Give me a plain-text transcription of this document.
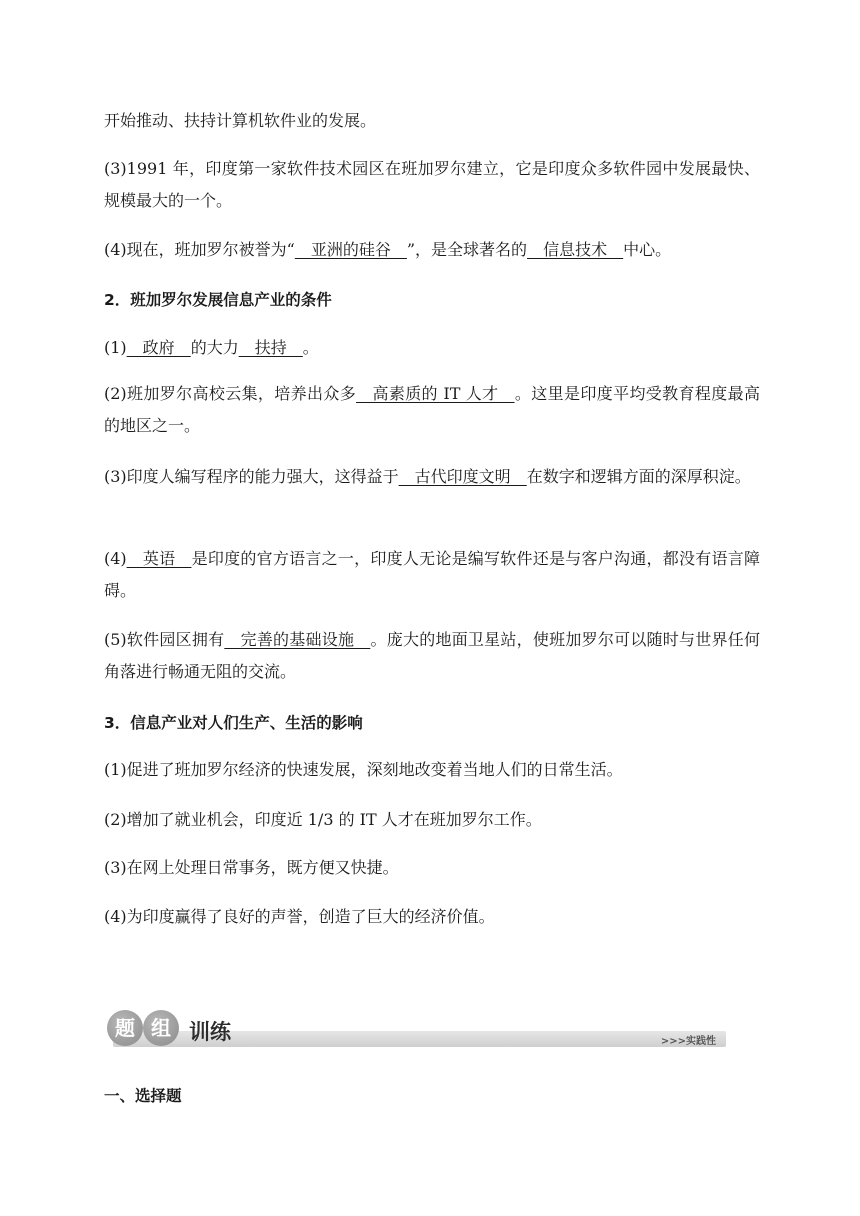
开始推动、扶持计算机软件业的发展。
(3)1991 年，印度第一家软件技术园区在班加罗尔建立，它是印度众多软件园中发展最快、规模最大的一个。
(4)现在，班加罗尔被誉为“__亚洲的硅谷__”，是全球著名的__信息技术__中心。
2．班加罗尔发展信息产业的条件
(1)__政府__的大力__扶持__。
(2)班加罗尔高校云集，培养出众多__高素质的 IT 人才__。这里是印度平均受教育程度最高的地区之一。
(3)印度人编写程序的能力强大，这得益于__古代印度文明__在数字和逻辑方面的深厚积淀。
(4)__英语__是印度的官方语言之一，印度人无论是编写软件还是与客户沟通，都没有语言障碍。
(5)软件园区拥有__完善的基础设施__。庞大的地面卫星站，使班加罗尔可以随时与世界任何角落进行畅通无阻的交流。
3．信息产业对人们生产、生活的影响
(1)促进了班加罗尔经济的快速发展，深刻地改变着当地人们的日常生活。
(2)增加了就业机会，印度近 1/3 的 IT 人才在班加罗尔工作。
(3)在网上处理日常事务，既方便又快捷。
(4)为印度赢得了良好的声誉，创造了巨大的经济价值。
题 组 训练	>>>实践性
一、选择题
